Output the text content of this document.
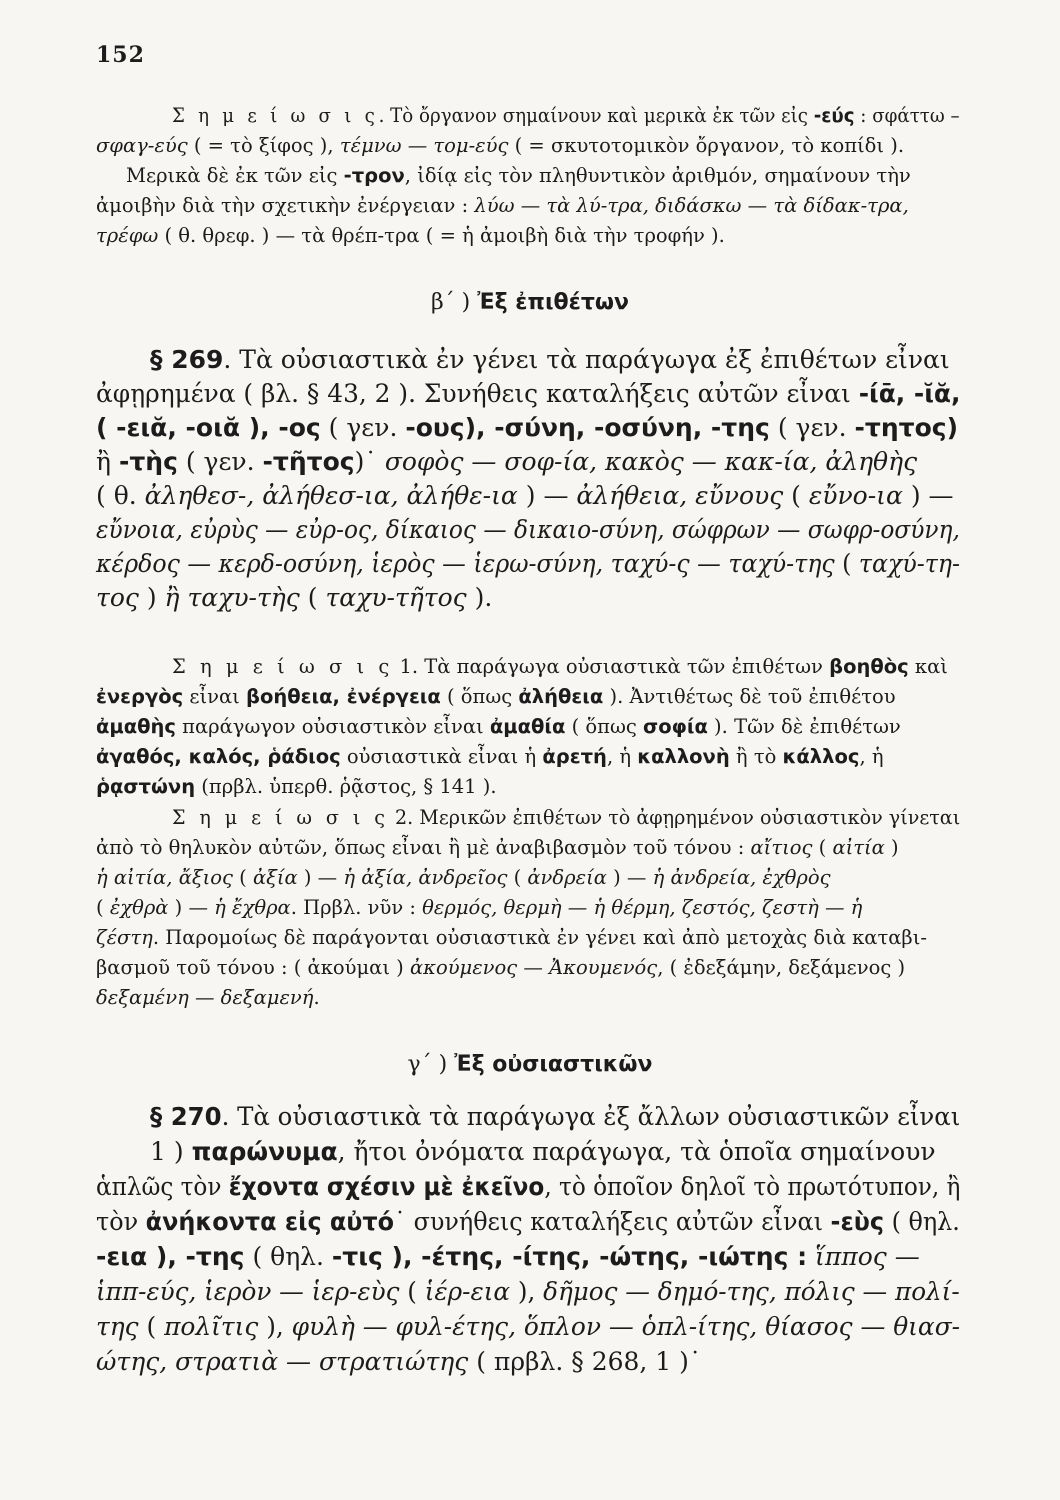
152
Σ η μ ε ί ω σ ι ς. Τὸ ὄργανον σημαίνουν καὶ μερικὰ ἐκ τῶν εἰς -εύς : σφάττω –
σφαγ-εύς ( = τὸ ξίφος ), τέμνω — τομ-εύς ( = σκυτοτομικὸν ὄργανον, τὸ κοπίδι ).
Μερικὰ δὲ ἐκ τῶν εἰς -τρον, ἰδίᾳ εἰς τὸν πληθυντικὸν ἀριθμόν, σημαίνουν τὴν
ἀμοιβὴν διὰ τὴν σχετικὴν ἐνέργειαν : λύω — τὰ λύ-τρα, διδάσκω — τὰ δίδακ-τρα,
τρέφω ( θ. θρεφ. ) — τὰ θρέπ-τρα ( = ἡ ἀμοιβὴ διὰ τὴν τροφήν ).
β΄ ) Ἐξ ἐπιθέτων
§ 269. Τὰ οὐσιαστικὰ ἐν γένει τὰ παράγωγα ἐξ ἐπιθέτων εἶναι
ἀφῃρημένα ( βλ. § 43, 2 ). Συνήθεις καταλήξεις αὐτῶν εἶναι -ίᾱ, -ῐᾰ,
( -ειᾰ, -οιᾰ ), -ος ( γεν. -ους), -σύνη, -οσύνη, -της ( γεν. -τητος)
ἢ -τὴς ( γεν. -τῆτος)˙ σοφὸς — σοφ-ία, κακὸς — κακ-ία, ἀληθὴς
( θ. ἀληθεσ-, ἀλήθεσ-ια, ἀλήθε-ια ) — ἀλήθεια, εὔνους ( εὔνο-ια ) —
εὔνοια, εὐρὺς — εὐρ-ος, δίκαιος — δικαιο-σύνη, σώφρων — σωφρ-οσύνη,
κέρδος — κερδ-οσύνη, ἱερὸς — ἱερω-σύνη, ταχύ-ς — ταχύ-της ( ταχύ-τη-
τος ) ἢ ταχυ-τὴς ( ταχυ-τῆτος ).
Σ η μ ε ί ω σ ι ς 1. Τὰ παράγωγα οὐσιαστικὰ τῶν ἐπιθέτων βοηθὸς καὶ
ἐνεργὸς εἶναι βοήθεια, ἐνέργεια ( ὅπως ἀλήθεια ). Ἀντιθέτως δὲ τοῦ ἐπιθέτου
ἀμαθὴς παράγωγον οὐσιαστικὸν εἶναι ἀμαθία ( ὅπως σοφία ). Τῶν δὲ ἐπιθέτων
ἀγαθός, καλός, ῥάδιος οὐσιαστικὰ εἶναι ἡ ἀρετή, ἡ καλλονὴ ἢ τὸ κάλλος, ἡ
ῥᾳστώνη (πρβλ. ὑπερθ. ῥᾷστος, § 141 ).
Σ η μ ε ί ω σ ι ς 2. Μερικῶν ἐπιθέτων τὸ ἀφῃρημένον οὐσιαστικὸν γίνεται
ἀπὸ τὸ θηλυκὸν αὐτῶν, ὅπως εἶναι ἢ μὲ ἀναβιβασμὸν τοῦ τόνου : αἴτιος ( αἰτία )
ἡ αἰτία, ἄξιος ( ἀξία ) — ἡ ἀξία, ἀνδρεῖος ( ἀνδρεία ) — ἡ ἀνδρεία, ἐχθρὸς
( ἐχθρὰ ) — ἡ ἔχθρα. Πρβλ. νῦν : θερμός, θερμὴ — ἡ θέρμη, ζεστός, ζεστὴ — ἡ
ζέστη. Παρομοίως δὲ παράγονται οὐσιαστικὰ ἐν γένει καὶ ἀπὸ μετοχὰς διὰ καταβι-
βασμοῦ τοῦ τόνου : ( ἀκούμαι ) ἀκούμενος — Ἀκουμενός, ( ἐδεξάμην, δεξάμενος )
δεξαμένη — δεξαμενή.
γ΄ ) Ἐξ οὐσιαστικῶν
§ 270. Τὰ οὐσιαστικὰ τὰ παράγωγα ἐξ ἄλλων οὐσιαστικῶν εἶναι
1 ) παρώνυμα, ἤτοι ὀνόματα παράγωγα, τὰ ὁποῖα σημαίνουν
ἁπλῶς τὸν ἔχοντα σχέσιν μὲ ἐκεῖνο, τὸ ὁποῖον δηλοῖ τὸ πρωτότυπον, ἢ
τὸν ἀνήκοντα εἰς αὐτό˙ συνήθεις καταλήξεις αὐτῶν εἶναι -εὺς ( θηλ.
-εια ), -της ( θηλ. -τις ), -έτης, -ίτης, -ώτης, -ιώτης : ἵππος —
ἱππ-εύς, ἱερὸν — ἱερ-εὺς ( ἱέρ-εια ), δῆμος — δημό-της, πόλις — πολί-
της ( πολῖτις ), φυλὴ — φυλ-έτης, ὅπλον — ὁπλ-ίτης, θίασος — θιασ-
ώτης, στρατιὰ — στρατιώτης ( πρβλ. § 268, 1 )˙
